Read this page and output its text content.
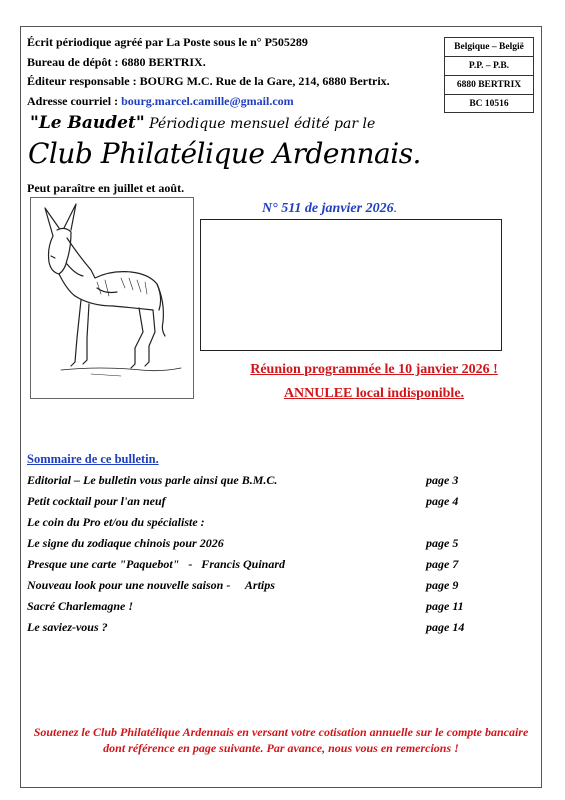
Écrit périodique agréé par La Poste sous le n° P505289
Bureau de dépôt : 6880 BERTRIX.
Éditeur responsable : BOURG M.C. Rue de la Gare, 214, 6880 Bertrix.
Adresse courriel : bourg.marcel.camille@gmail.com
Belgique – België
P.P. – P.B.
6880 BERTRIX
BC 10516
"Le Baudet" Périodique mensuel édité par le
Club Philatélique Ardennais.
Peut paraître en juillet et août.
N° 511 de janvier 2026.
Réunion programmée le 10 janvier 2026 !
ANNULEE local indisponible.
Sommaire de ce bulletin.
Editorial – Le bulletin vous parle ainsi que B.M.C.	page 3
Petit cocktail pour l'an neuf	page 4
Le coin du Pro et/ou du spécialiste :
Le signe du zodiaque chinois pour 2026	page 5
Presque une carte "Paquebot"   -   Francis Quinard	page 7
Nouveau look pour une nouvelle saison -     Artips	page 9
Sacré Charlemagne !	page 11
Le saviez-vous ?	page 14
Soutenez le Club Philatélique Ardennais en versant votre cotisation annuelle sur le compte bancaire dont référence en page suivante. Par avance, nous vous en remercions !
